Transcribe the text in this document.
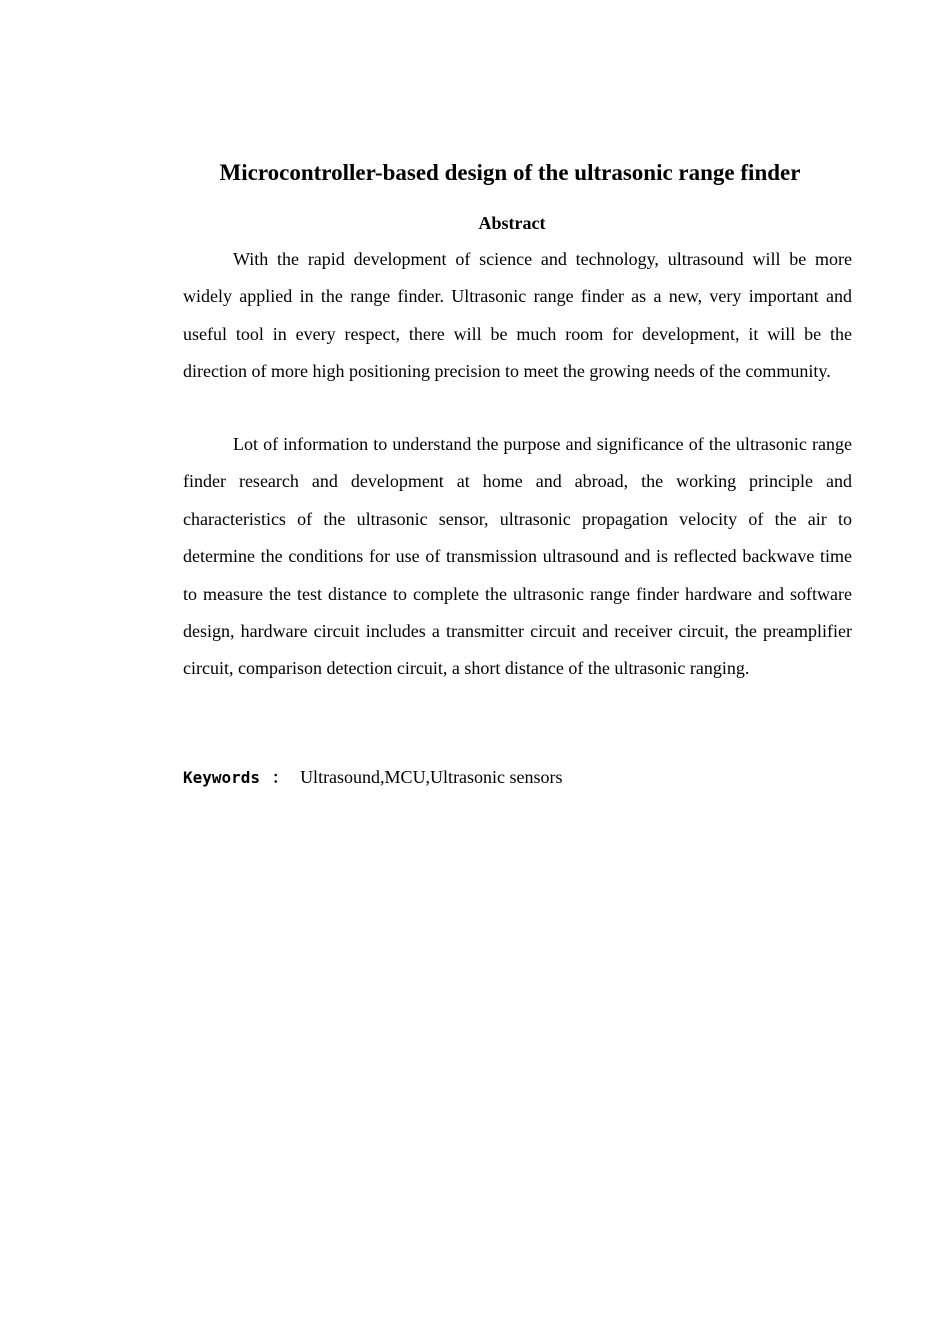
Microcontroller-based design of the ultrasonic range finder
Abstract

With the rapid development of science and technology, ultrasound will be more widely applied in the range finder. Ultrasonic range finder as a new, very important and useful tool in every respect, there will be much room for development, it will be the direction of more high positioning precision to meet the growing needs of the community.

Lot of information to understand the purpose and significance of the ultrasonic range finder research and development at home and abroad, the working principle and characteristics of the ultrasonic sensor, ultrasonic propagation velocity of the air to determine the conditions for use of transmission ultrasound and is reflected backwave time to measure the test distance to complete the ultrasonic range finder hardware and software design, hardware circuit includes a transmitter circuit and receiver circuit, the preamplifier circuit, comparison detection circuit, a short distance of the ultrasonic ranging.

Keywords ： Ultrasound,MCU,Ultrasonic sensors
